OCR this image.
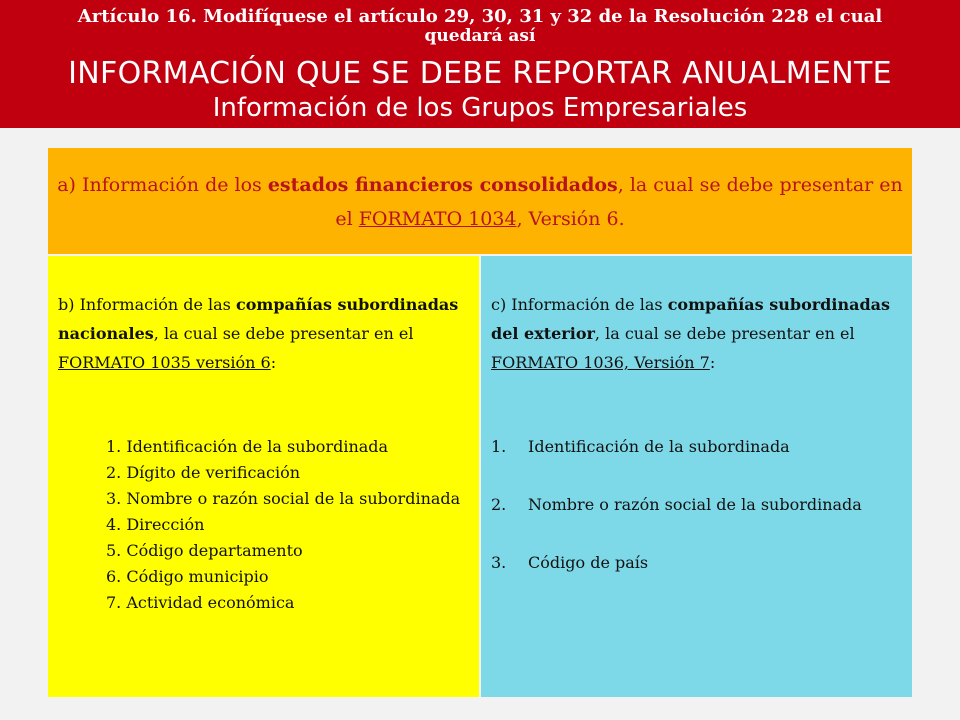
Artículo 16. Modifíquese el artículo 29, 30, 31 y 32 de la Resolución 228 el cual
quedará así
INFORMACIÓN QUE SE DEBE REPORTAR ANUALMENTE
Información de los Grupos Empresariales
a) Información de los estados financieros consolidados, la cual se debe presentar en el FORMATO 1034, Versión 6.
b) Información de las compañías subordinadas nacionales, la cual se debe presentar en el FORMATO 1035 versión 6:
1. Identificación de la subordinada
2. Dígito de verificación
3. Nombre o razón social de la subordinada
4. Dirección
5. Código departamento
6. Código municipio
7. Actividad económica
c) Información de las compañías subordinadas del exterior, la cual se debe presentar en el FORMATO 1036, Versión 7:
1. Identificación de la subordinada
2. Nombre o razón social de la subordinada
3. Código de país
